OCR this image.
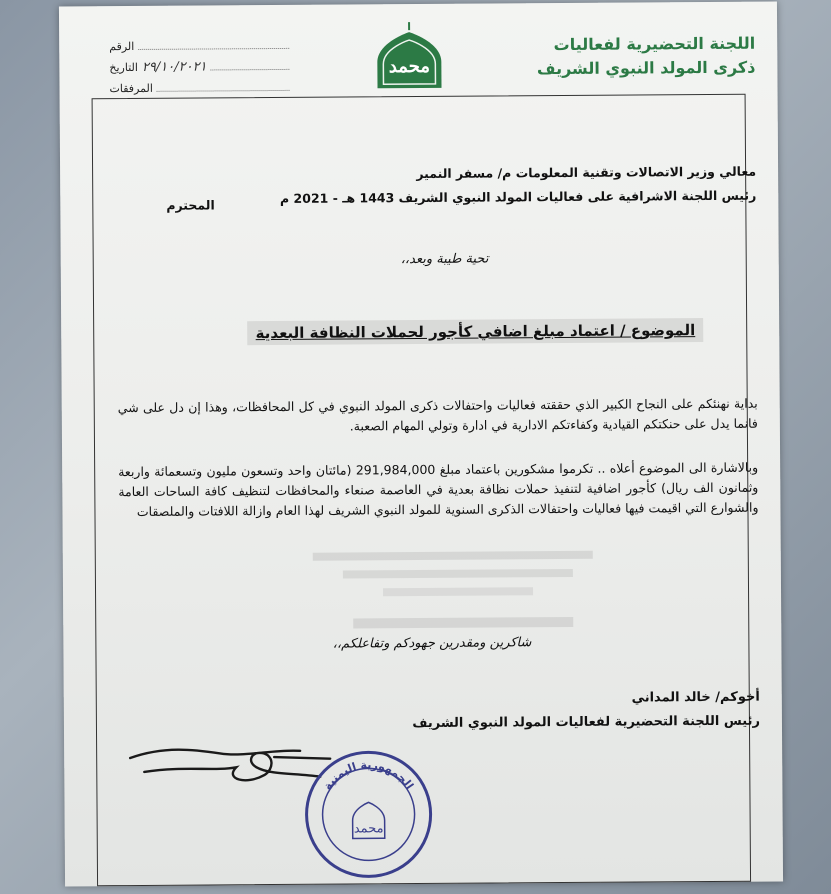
اللجنة التحضيرية لفعاليات
ذكرى المولد النبوي الشريف
محمد
الرقم
التاريخ ٢٩/١٠/٢٠٢١
المرفقات
معالي وزير الاتصالات وتقنية المعلومات م/ مسفر النمير
رئيس اللجنة الاشرافية على فعاليات المولد النبوي الشريف 1443 هـ - 2021 م
المحترم
تحية طيبة وبعد،،
الموضوع / اعتماد مبلغ اضافي كأجور لحملات النظافة البعدية
بداية نهنئكم على النجاح الكبير الذي حققته فعاليات واحتفالات ذكرى المولد النبوي في كل المحافظات، وهذا إن دل على شي فانما يدل على حنكتكم القيادية وكفاءتكم الادارية في ادارة وتولي المهام الصعبة.
وبالاشارة الى الموضوع أعلاه .. تكرموا مشكورين باعتماد مبلغ 291,984,000 (مائتان واحد وتسعون مليون وتسعمائة واربعة وثمانون الف ريال) كأجور اضافية لتنفيذ حملات نظافة بعدية في العاصمة صنعاء والمحافظات لتنظيف كافة الساحات العامة والشوارع التي اقيمت فيها فعاليات واحتفالات الذكرى السنوية للمولد النبوي الشريف لهذا العام وازالة اللافتات والملصقات
شاكرين ومقدرين جهودكم وتفاعلكم،،
أخوكم/ خالد المداني
رئيس اللجنة التحضيرية لفعاليات المولد النبوي الشريف
الجمهورية اليمنية
محمد
